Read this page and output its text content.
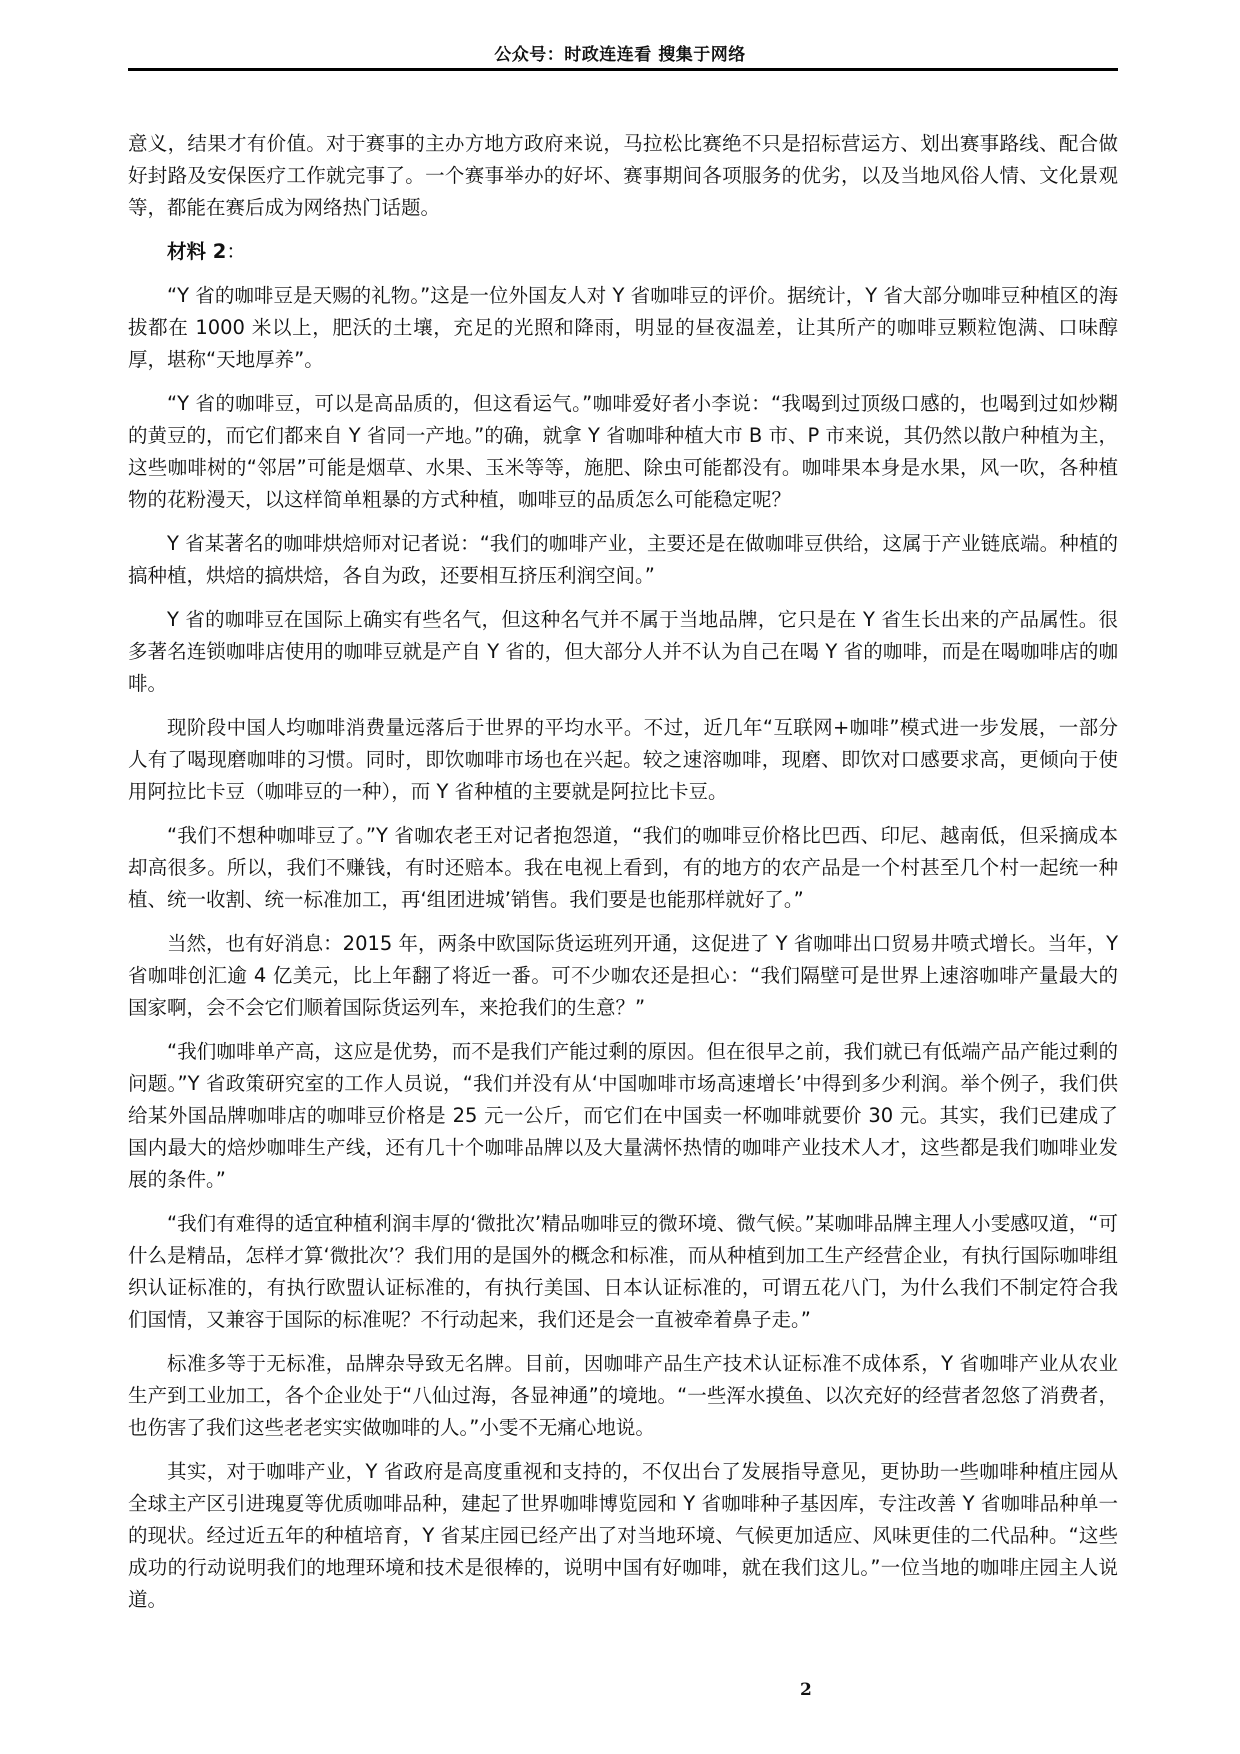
公众号：时政连连看 搜集于网络

意义，结果才有价值。对于赛事的主办方地方政府来说，马拉松比赛绝不只是招标营运方、划出赛事路线、配合做好封路及安保医疗工作就完事了。一个赛事举办的好坏、赛事期间各项服务的优劣，以及当地风俗人情、文化景观等，都能在赛后成为网络热门话题。

材料 2：

“Y 省的咖啡豆是天赐的礼物。”这是一位外国友人对 Y 省咖啡豆的评价。据统计，Y 省大部分咖啡豆种植区的海拔都在 1000 米以上，肥沃的土壤，充足的光照和降雨，明显的昼夜温差，让其所产的咖啡豆颗粒饱满、口味醇厚，堪称“天地厚养”。

“Y 省的咖啡豆，可以是高品质的，但这看运气。”咖啡爱好者小李说：“我喝到过顶级口感的，也喝到过如炒糊的黄豆的，而它们都来自 Y 省同一产地。”的确，就拿 Y 省咖啡种植大市 B 市、P 市来说，其仍然以散户种植为主，这些咖啡树的“邻居”可能是烟草、水果、玉米等等，施肥、除虫可能都没有。咖啡果本身是水果，风一吹，各种植物的花粉漫天，以这样简单粗暴的方式种植，咖啡豆的品质怎么可能稳定呢？

Y 省某著名的咖啡烘焙师对记者说：“我们的咖啡产业，主要还是在做咖啡豆供给，这属于产业链底端。种植的搞种植，烘焙的搞烘焙，各自为政，还要相互挤压利润空间。”

Y 省的咖啡豆在国际上确实有些名气，但这种名气并不属于当地品牌，它只是在 Y 省生长出来的产品属性。很多著名连锁咖啡店使用的咖啡豆就是产自 Y 省的，但大部分人并不认为自己在喝 Y 省的咖啡，而是在喝咖啡店的咖啡。

现阶段中国人均咖啡消费量远落后于世界的平均水平。不过，近几年“互联网+咖啡”模式进一步发展，一部分人有了喝现磨咖啡的习惯。同时，即饮咖啡市场也在兴起。较之速溶咖啡，现磨、即饮对口感要求高，更倾向于使用阿拉比卡豆（咖啡豆的一种），而 Y 省种植的主要就是阿拉比卡豆。

“我们不想种咖啡豆了。”Y 省咖农老王对记者抱怨道，“我们的咖啡豆价格比巴西、印尼、越南低，但采摘成本却高很多。所以，我们不赚钱，有时还赔本。我在电视上看到，有的地方的农产品是一个村甚至几个村一起统一种植、统一收割、统一标准加工，再‘组团进城’销售。我们要是也能那样就好了。”

当然，也有好消息：2015 年，两条中欧国际货运班列开通，这促进了 Y 省咖啡出口贸易井喷式增长。当年，Y 省咖啡创汇逾 4 亿美元，比上年翻了将近一番。可不少咖农还是担心：“我们隔壁可是世界上速溶咖啡产量最大的国家啊，会不会它们顺着国际货运列车，来抢我们的生意？”

“我们咖啡单产高，这应是优势，而不是我们产能过剩的原因。但在很早之前，我们就已有低端产品产能过剩的问题。”Y 省政策研究室的工作人员说，“我们并没有从‘中国咖啡市场高速增长’中得到多少利润。举个例子，我们供给某外国品牌咖啡店的咖啡豆价格是 25 元一公斤，而它们在中国卖一杯咖啡就要价 30 元。其实，我们已建成了国内最大的焙炒咖啡生产线，还有几十个咖啡品牌以及大量满怀热情的咖啡产业技术人才，这些都是我们咖啡业发展的条件。”

“我们有难得的适宜种植利润丰厚的‘微批次’精品咖啡豆的微环境、微气候。”某咖啡品牌主理人小雯感叹道，“可什么是精品，怎样才算‘微批次’？我们用的是国外的概念和标准，而从种植到加工生产经营企业，有执行国际咖啡组织认证标准的，有执行欧盟认证标准的，有执行美国、日本认证标准的，可谓五花八门，为什么我们不制定符合我们国情，又兼容于国际的标准呢？不行动起来，我们还是会一直被牵着鼻子走。”

标准多等于无标准，品牌杂导致无名牌。目前，因咖啡产品生产技术认证标准不成体系，Y 省咖啡产业从农业生产到工业加工，各个企业处于“八仙过海，各显神通”的境地。“一些浑水摸鱼、以次充好的经营者忽悠了消费者，也伤害了我们这些老老实实做咖啡的人。”小雯不无痛心地说。

其实，对于咖啡产业，Y 省政府是高度重视和支持的，不仅出台了发展指导意见，更协助一些咖啡种植庄园从全球主产区引进瑰夏等优质咖啡品种，建起了世界咖啡博览园和 Y 省咖啡种子基因库，专注改善 Y 省咖啡品种单一的现状。经过近五年的种植培育，Y 省某庄园已经产出了对当地环境、气候更加适应、风味更佳的二代品种。“这些成功的行动说明我们的地理环境和技术是很棒的，说明中国有好咖啡，就在我们这儿。”一位当地的咖啡庄园主人说道。

2
